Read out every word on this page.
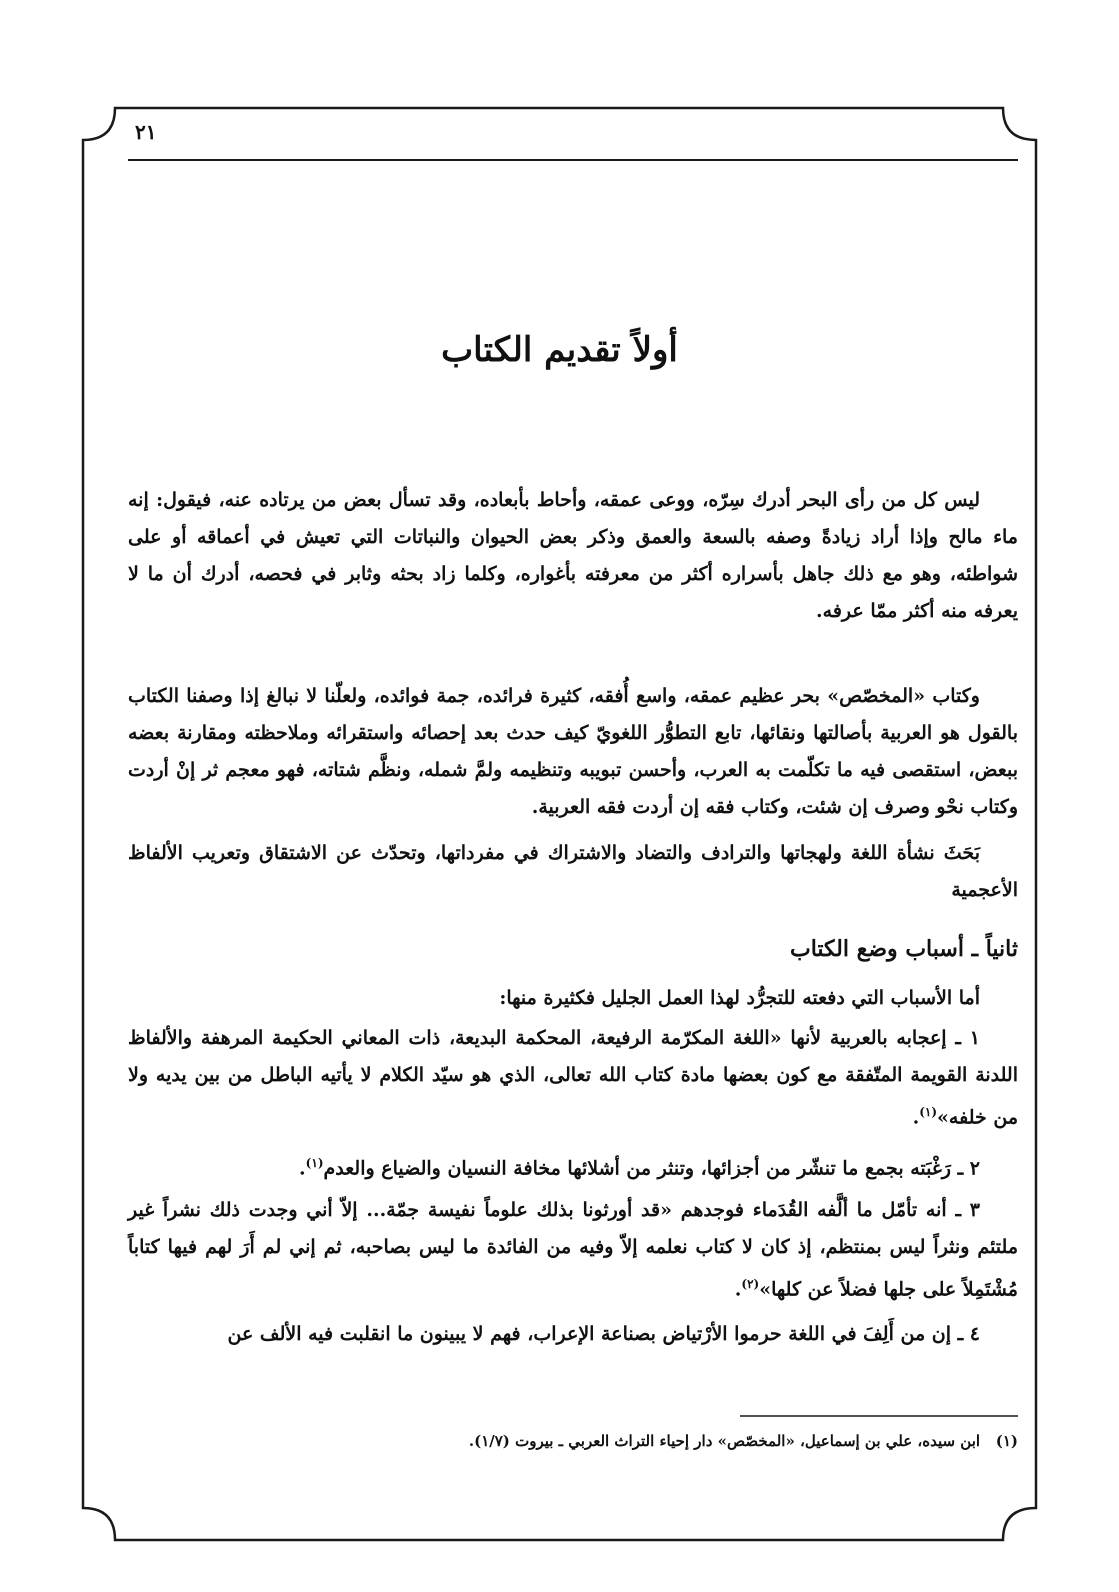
٢١
أولاً تقديم الكتاب

ليس كل من رأى البحر أدرك سِرّه، ووعى عمقه، وأحاط بأبعاده، وقد تسأل بعض من يرتاده عنه، فيقول: إنه ماء مالح وإذا أراد زيادةً وصفه بالسعة والعمق وذكر بعض الحيوان والنباتات التي تعيش في أعماقه أو على شواطئه، وهو مع ذلك جاهل بأسراره أكثر من معرفته بأغواره، وكلما زاد بحثه وثابر في فحصه، أدرك أن ما لا يعرفه منه أكثر ممّا عرفه.

وكتاب «المخصّص» بحر عظيم عمقه، واسع أُفقه، كثيرة فرائده، جمة فوائده، ولعلّنا لا نبالغ إذا وصفنا الكتاب بالقول هو العربية بأصالتها ونقائها، تابع التطوُّر اللغويّ كيف حدث بعد إحصائه واستقرائه وملاحظته ومقارنة بعضه ببعض، استقصى فيه ما تكلّمت به العرب، وأحسن تبويبه وتنظيمه ولمَّ شمله، ونظَّم شتاته، فهو معجم ثر إنْ أردت وكتاب نحْو وصرف إن شئت، وكتاب فقه إن أردت فقه العربية.

بَحَثَ نشأة اللغة ولهجاتها والترادف والتضاد والاشتراك في مفرداتها، وتحدّث عن الاشتقاق وتعريب الألفاظ الأعجمية

ثانياً ـ أسباب وضع الكتاب

أما الأسباب التي دفعته للتجرُّد لهذا العمل الجليل فكثيرة منها:

١ ـ إعجابه بالعربية لأنها «اللغة المكرّمة الرفيعة، المحكمة البديعة، ذات المعاني الحكيمة المرهفة والألفاظ اللدنة القويمة المتّفقة مع كون بعضها مادة كتاب الله تعالى، الذي هو سيّد الكلام لا يأتيه الباطل من بين يديه ولا من خلفه»$^{(١)}$.

٢ ـ رَغْبَته بجمع ما تنشّر من أجزائها، وتنثر من أشلائها مخافة النسيان والضياع والعدم$^{(١)}$.

٣ ـ أنه تأمّل ما ألَّفه القُدَماء فوجدهم «قد أورثونا بذلك علوماً نفيسة جمّة... إلاّ أني وجدت ذلك نشراً غير ملتئم ونثراً ليس بمنتظم، إذ كان لا كتاب نعلمه إلاّ وفيه من الفائدة ما ليس بصاحبه، ثم إني لم أَرَ لهم فيها كتاباً مُشْتَمِلاً على جلها فضلاً عن كلها»$^{(٢)}$.

٤ ـ إن من أَلِفَ في اللغة حرموا الأرْتياض بصناعة الإعراب، فهم لا يبينون ما انقلبت فيه الألف عن

(١)   ابن سيده، علي بن إسماعيل، «المخصّص» دار إحياء التراث العربي ـ بيروت (١/٧).
